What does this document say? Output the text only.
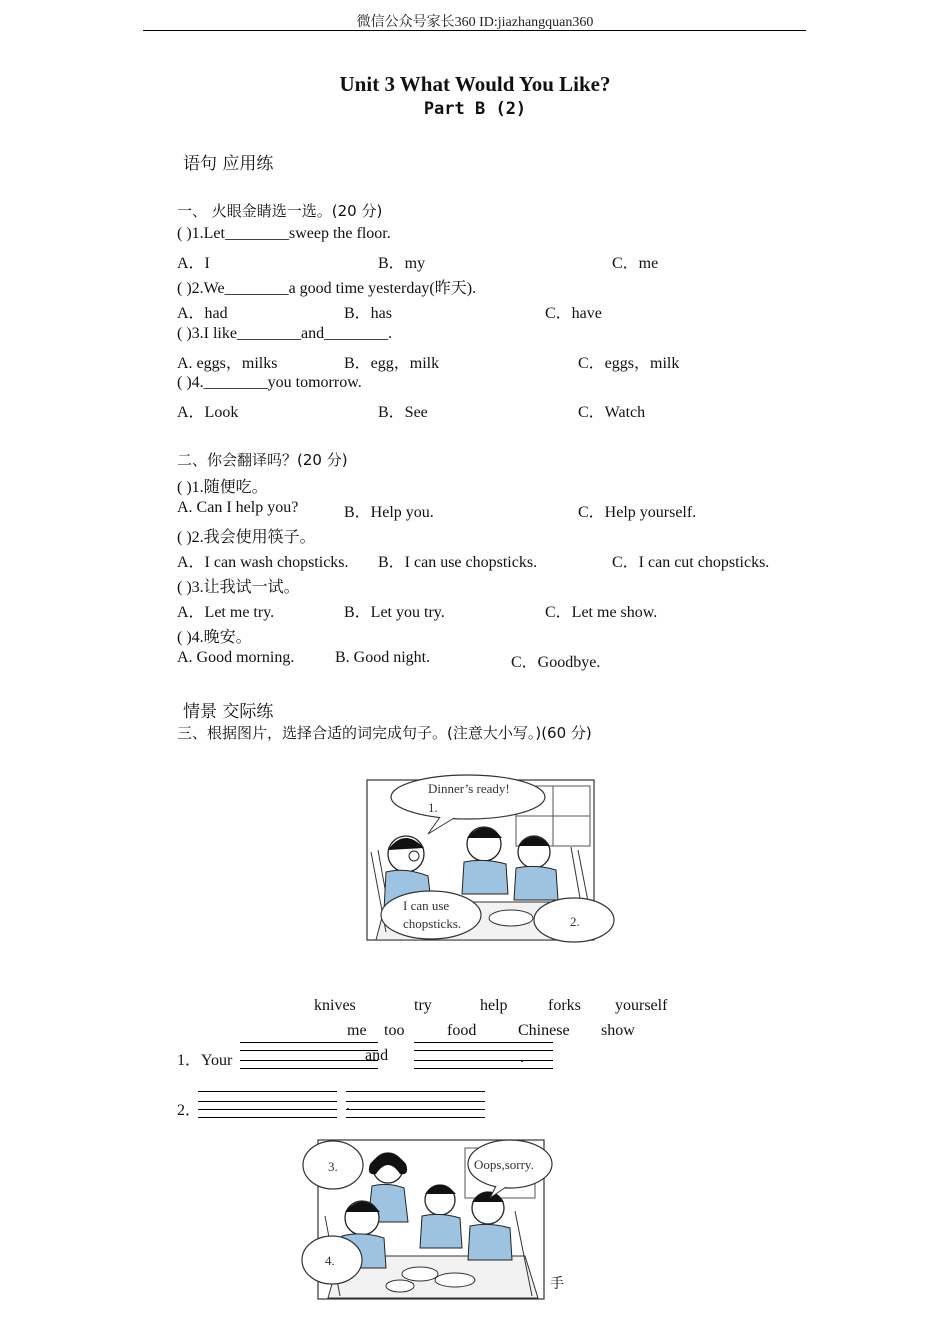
微信公众号家长360 ID:jiazhangquan360
Unit 3 What Would You Like?
Part B (2)
语句 应用练
一、 火眼金睛选一选。(20 分)
( )1.Let________sweep the floor.
A．I	B．my	C．me
( )2.We________a good time yesterday(昨天).
A．had	B．has	C．have
( )3.I like________and________.
A. eggs，milks	B．egg，milk	C．eggs，milk
( )4.________you tomorrow.
A．Look	B．See	C．Watch
二、你会翻译吗？(20 分)
( )1.随便吃。
A. Can I help you?	B．Help you.	C．Help yourself.
( )2.我会使用筷子。
A．I can wash chopsticks. B．I can use chopsticks.	C．I can cut chopsticks.
( )3.让我试一试。
A．Let me try.	B．Let you try.	C．Let me show.
( )4.晚安。
A. Good morning.	B. Good night.	C．Goodbye.
情景 交际练
三、根据图片，选择合适的词完成句子。(注意大小写。)(60 分)
Dinner’s ready!
1.
I can use
chopsticks.	2.
knives	try	help	forks yourself
me too	food	Chinese show
1．Your	and	.
2．	.
3.	Oops,sorry.
4.
手
